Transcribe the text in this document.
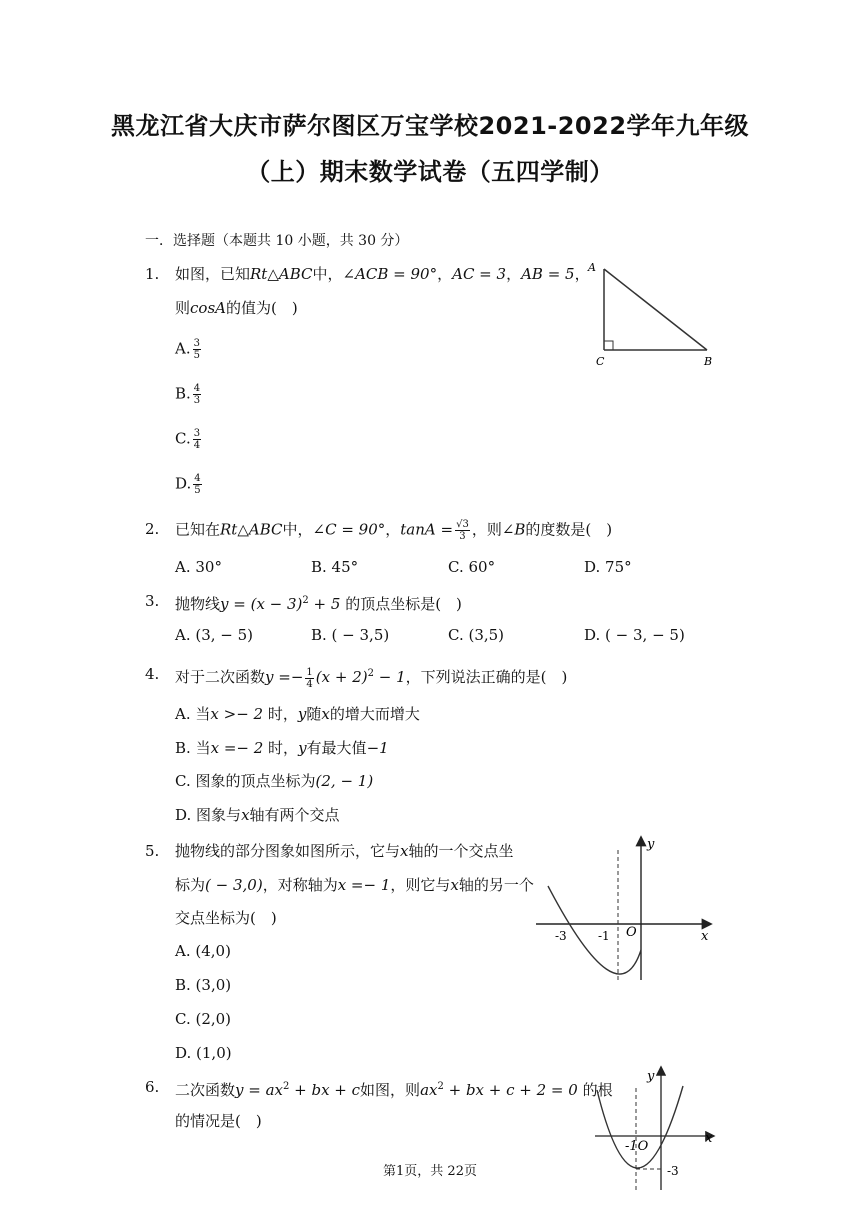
黑龙江省大庆市萨尔图区万宝学校2021-2022学年九年级
（上）期末数学试卷（五四学制）
一．选择题（本题共 10 小题，共 30 分）
1. 如图，已知Rt△ABC中，∠ACB = 90°，AC = 3，AB = 5，
则cosA的值为(　)
A. $\frac{3}{5}$
B. $\frac{4}{3}$
C. $\frac{3}{4}$
D. $\frac{4}{5}$
A
C	B
2. 已知在Rt△ABC中，∠C = 90°，$\tan A = \frac{√3}{3}$ ，则∠B的度数是(　)
A. 30°	B. 45°	C. 60°	D. 75°
3. 抛物线$y = (x - 3)^2 + 5$ 的顶点坐标是(　)
A. (3, − 5)	B. ( − 3,5)	C. (3,5)	D. ( − 3, − 5)
4. 对于二次函数$y =- \frac{1}{4} (x + 2)^2 - 1$，下列说法正确的是(　)
A. 当x >− 2 时，y随x的增大而增大
B. 当x =− 2 时，y有最大值−1
C. 图象的顶点坐标为(2, − 1)
D. 图象与x轴有两个交点
5. 抛物线的部分图象如图所示，它与x轴的一个交点坐
标为( − 3,0)，对称轴为x =− 1，则它与x轴的另一个
交点坐标为(　)
A. (4,0)
B. (3,0)
C. (2,0)
D. (1,0)
y
x
O
-3	-1
6. 二次函数$y = ax^2$ + bx + c如图，则$ax^2$ + bx + c + 2 = 0 的根
的情况是(　)
y
x
-1O
-3
第1页，共 22页
